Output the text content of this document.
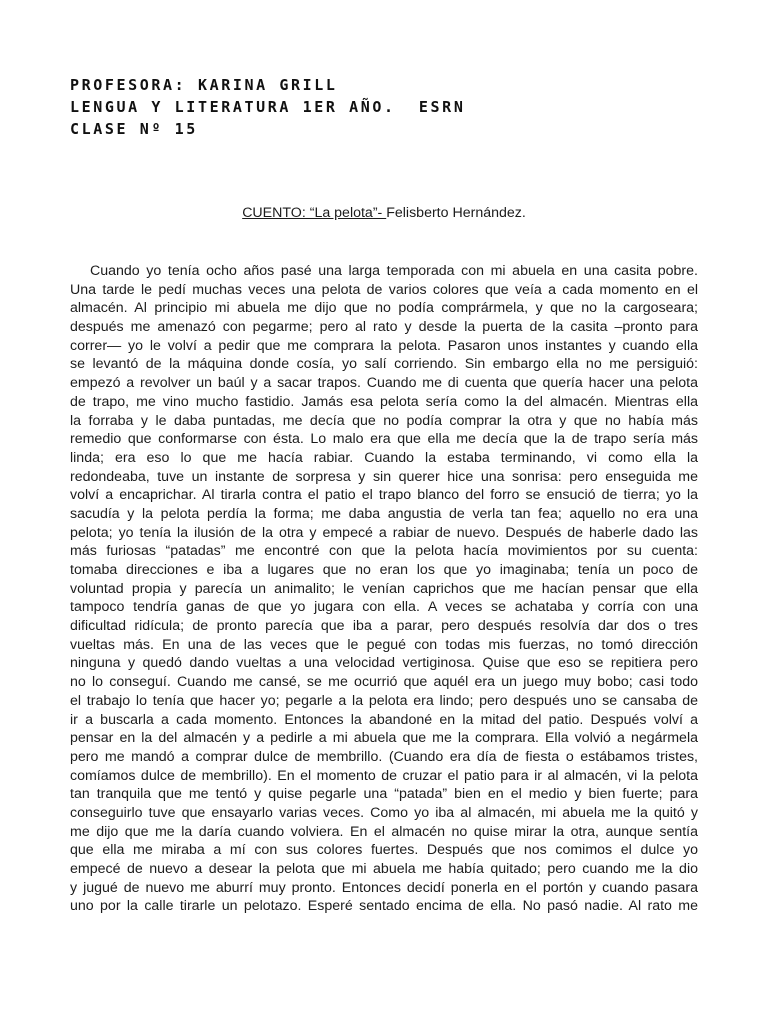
PROFESORA: KARINA GRILL
LENGUA Y LITERATURA 1ER AÑO.  ESRN
CLASE Nº 15
CUENTO: “La pelota”- Felisberto Hernández.
Cuando yo tenía ocho años pasé una larga temporada con mi abuela en una casita pobre.
Una tarde le pedí muchas veces una pelota de varios colores que veía a cada momento en el
almacén. Al principio mi abuela me dijo que no podía comprármela, y que no la cargoseara;
después me amenazó con pegarme; pero al rato y desde la puerta de la casita –pronto para
correr— yo le volví a pedir que me comprara la pelota. Pasaron unos instantes y cuando ella
se levantó de la máquina donde cosía, yo salí corriendo. Sin embargo ella no me persiguió:
empezó a revolver un baúl y a sacar trapos. Cuando me di cuenta que quería hacer una pelota
de trapo, me vino mucho fastidio. Jamás esa pelota sería como la del almacén. Mientras ella
la forraba y le daba puntadas, me decía que no podía comprar la otra y que no había más
remedio que conformarse con ésta. Lo malo era que ella me decía que la de trapo sería más
linda; era eso lo que me hacía rabiar. Cuando la estaba terminando, vi como ella la
redondeaba, tuve un instante de sorpresa y sin querer hice una sonrisa: pero enseguida me
volví a encaprichar. Al tirarla contra el patio el trapo blanco del forro se ensució de tierra; yo la
sacudía y la pelota perdía la forma; me daba angustia de verla tan fea; aquello no era una
pelota; yo tenía la ilusión de la otra y empecé a rabiar de nuevo. Después de haberle dado las
más furiosas “patadas” me encontré con que la pelota hacía movimientos por su cuenta:
tomaba direcciones e iba a lugares que no eran los que yo imaginaba; tenía un poco de
voluntad propia y parecía un animalito; le venían caprichos que me hacían pensar que ella
tampoco tendría ganas de que yo jugara con ella. A veces se achataba y corría con una
dificultad ridícula; de pronto parecía que iba a parar, pero después resolvía dar dos o tres
vueltas más. En una de las veces que le pegué con todas mis fuerzas, no tomó dirección
ninguna y quedó dando vueltas a una velocidad vertiginosa. Quise que eso se repitiera pero
no lo conseguí. Cuando me cansé, se me ocurrió que aquél era un juego muy bobo; casi todo
el trabajo lo tenía que hacer yo; pegarle a la pelota era lindo; pero después uno se cansaba de
ir a buscarla a cada momento. Entonces la abandoné en la mitad del patio. Después volví a
pensar en la del almacén y a pedirle a mi abuela que me la comprara. Ella volvió a negármela
pero me mandó a comprar dulce de membrillo. (Cuando era día de fiesta o estábamos tristes,
comíamos dulce de membrillo). En el momento de cruzar el patio para ir al almacén, vi la pelota
tan tranquila que me tentó y quise pegarle una “patada” bien en el medio y bien fuerte; para
conseguirlo tuve que ensayarlo varias veces. Como yo iba al almacén, mi abuela me la quitó y
me dijo que me la daría cuando volviera. En el almacén no quise mirar la otra, aunque sentía
que ella me miraba a mí con sus colores fuertes. Después que nos comimos el dulce yo
empecé de nuevo a desear la pelota que mi abuela me había quitado; pero cuando me la dio
y jugué de nuevo me aburrí muy pronto. Entonces decidí ponerla en el portón y cuando pasara
uno por la calle tirarle un pelotazo. Esperé sentado encima de ella. No pasó nadie. Al rato me
